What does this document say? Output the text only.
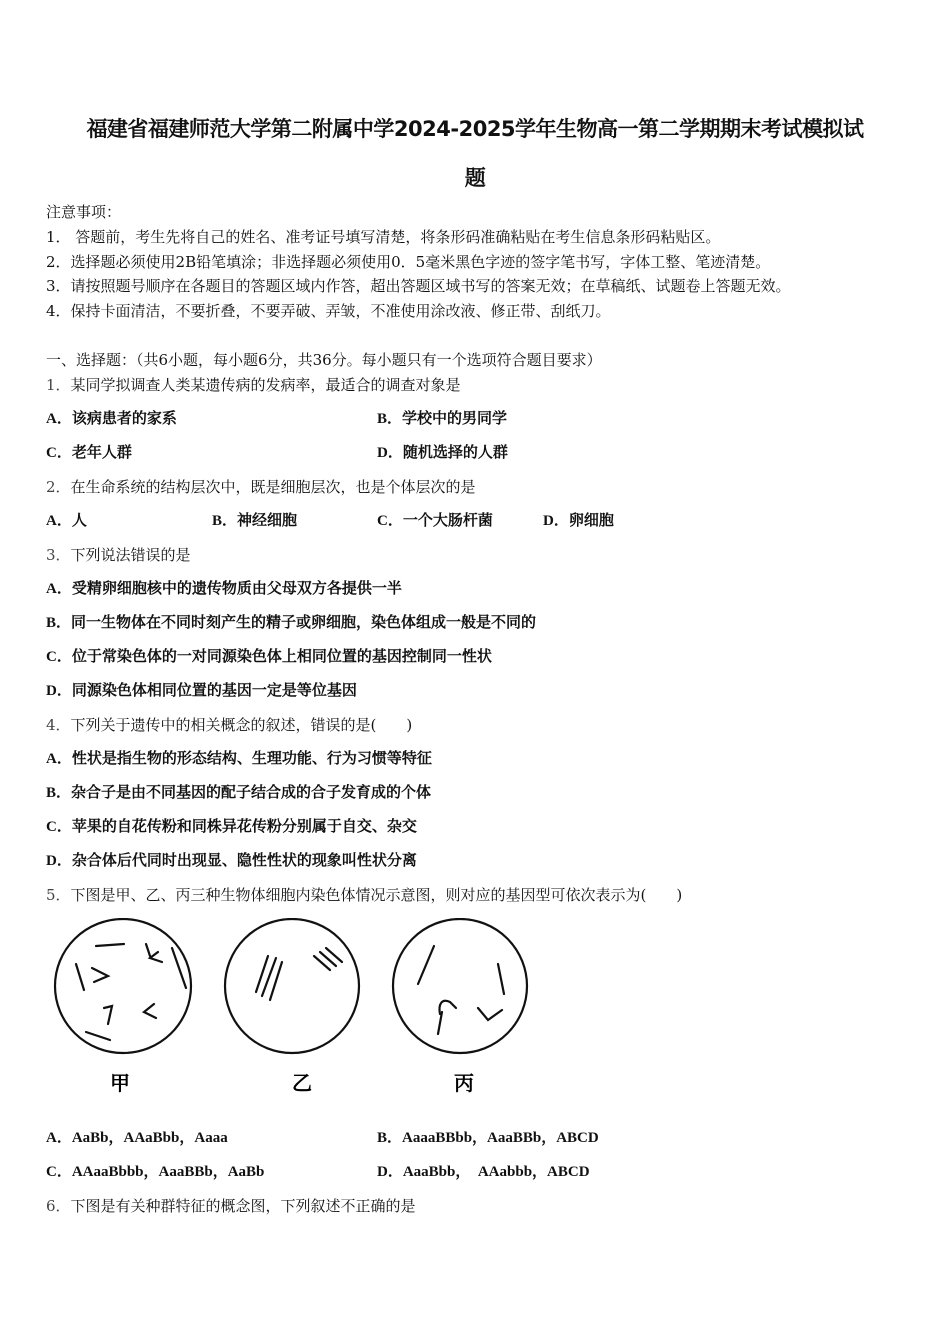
福建省福建师范大学第二附属中学2024-2025学年生物高一第二学期期末考试模拟试
题
注意事项：
1． 答题前，考生先将自己的姓名、准考证号填写清楚，将条形码准确粘贴在考生信息条形码粘贴区。
2．选择题必须使用2B铅笔填涂；非选择题必须使用0．5毫米黑色字迹的签字笔书写，字体工整、笔迹清楚。
3．请按照题号顺序在各题目的答题区域内作答，超出答题区域书写的答案无效；在草稿纸、试题卷上答题无效。
4．保持卡面清洁，不要折叠，不要弄破、弄皱，不准使用涂改液、修正带、刮纸刀。
一、选择题：（共6小题，每小题6分，共36分。每小题只有一个选项符合题目要求）
1．某同学拟调查人类某遗传病的发病率，最适合的调查对象是
A．该病患者的家系	B．学校中的男同学
C．老年人群	D．随机选择的人群
2．在生命系统的结构层次中，既是细胞层次，也是个体层次的是
A．人	B．神经细胞	C．一个大肠杆菌	D．卵细胞
3．下列说法错误的是
A．受精卵细胞核中的遗传物质由父母双方各提供一半
B．同一生物体在不同时刻产生的精子或卵细胞，染色体组成一般是不同的
C．位于常染色体的一对同源染色体上相同位置的基因控制同一性状
D．同源染色体相同位置的基因一定是等位基因
4．下列关于遗传中的相关概念的叙述，错误的是(　　)
A．性状是指生物的形态结构、生理功能、行为习惯等特征
B．杂合子是由不同基因的配子结合成的合子发育成的个体
C．苹果的自花传粉和同株异花传粉分别属于自交、杂交
D．杂合体后代同时出现显、隐性性状的现象叫性状分离
5．下图是甲、乙、丙三种生物体细胞内染色体情况示意图，则对应的基因型可依次表示为(　　)
甲	乙	丙
A．AaBb，AAaBbb，Aaaa	B．AaaaBBbb，AaaBBb，ABCD
C．AAaaBbbb，AaaBBb，AaBb	D．AaaBbb，　AAabbb，ABCD
6．下图是有关种群特征的概念图，下列叙述不正确的是
